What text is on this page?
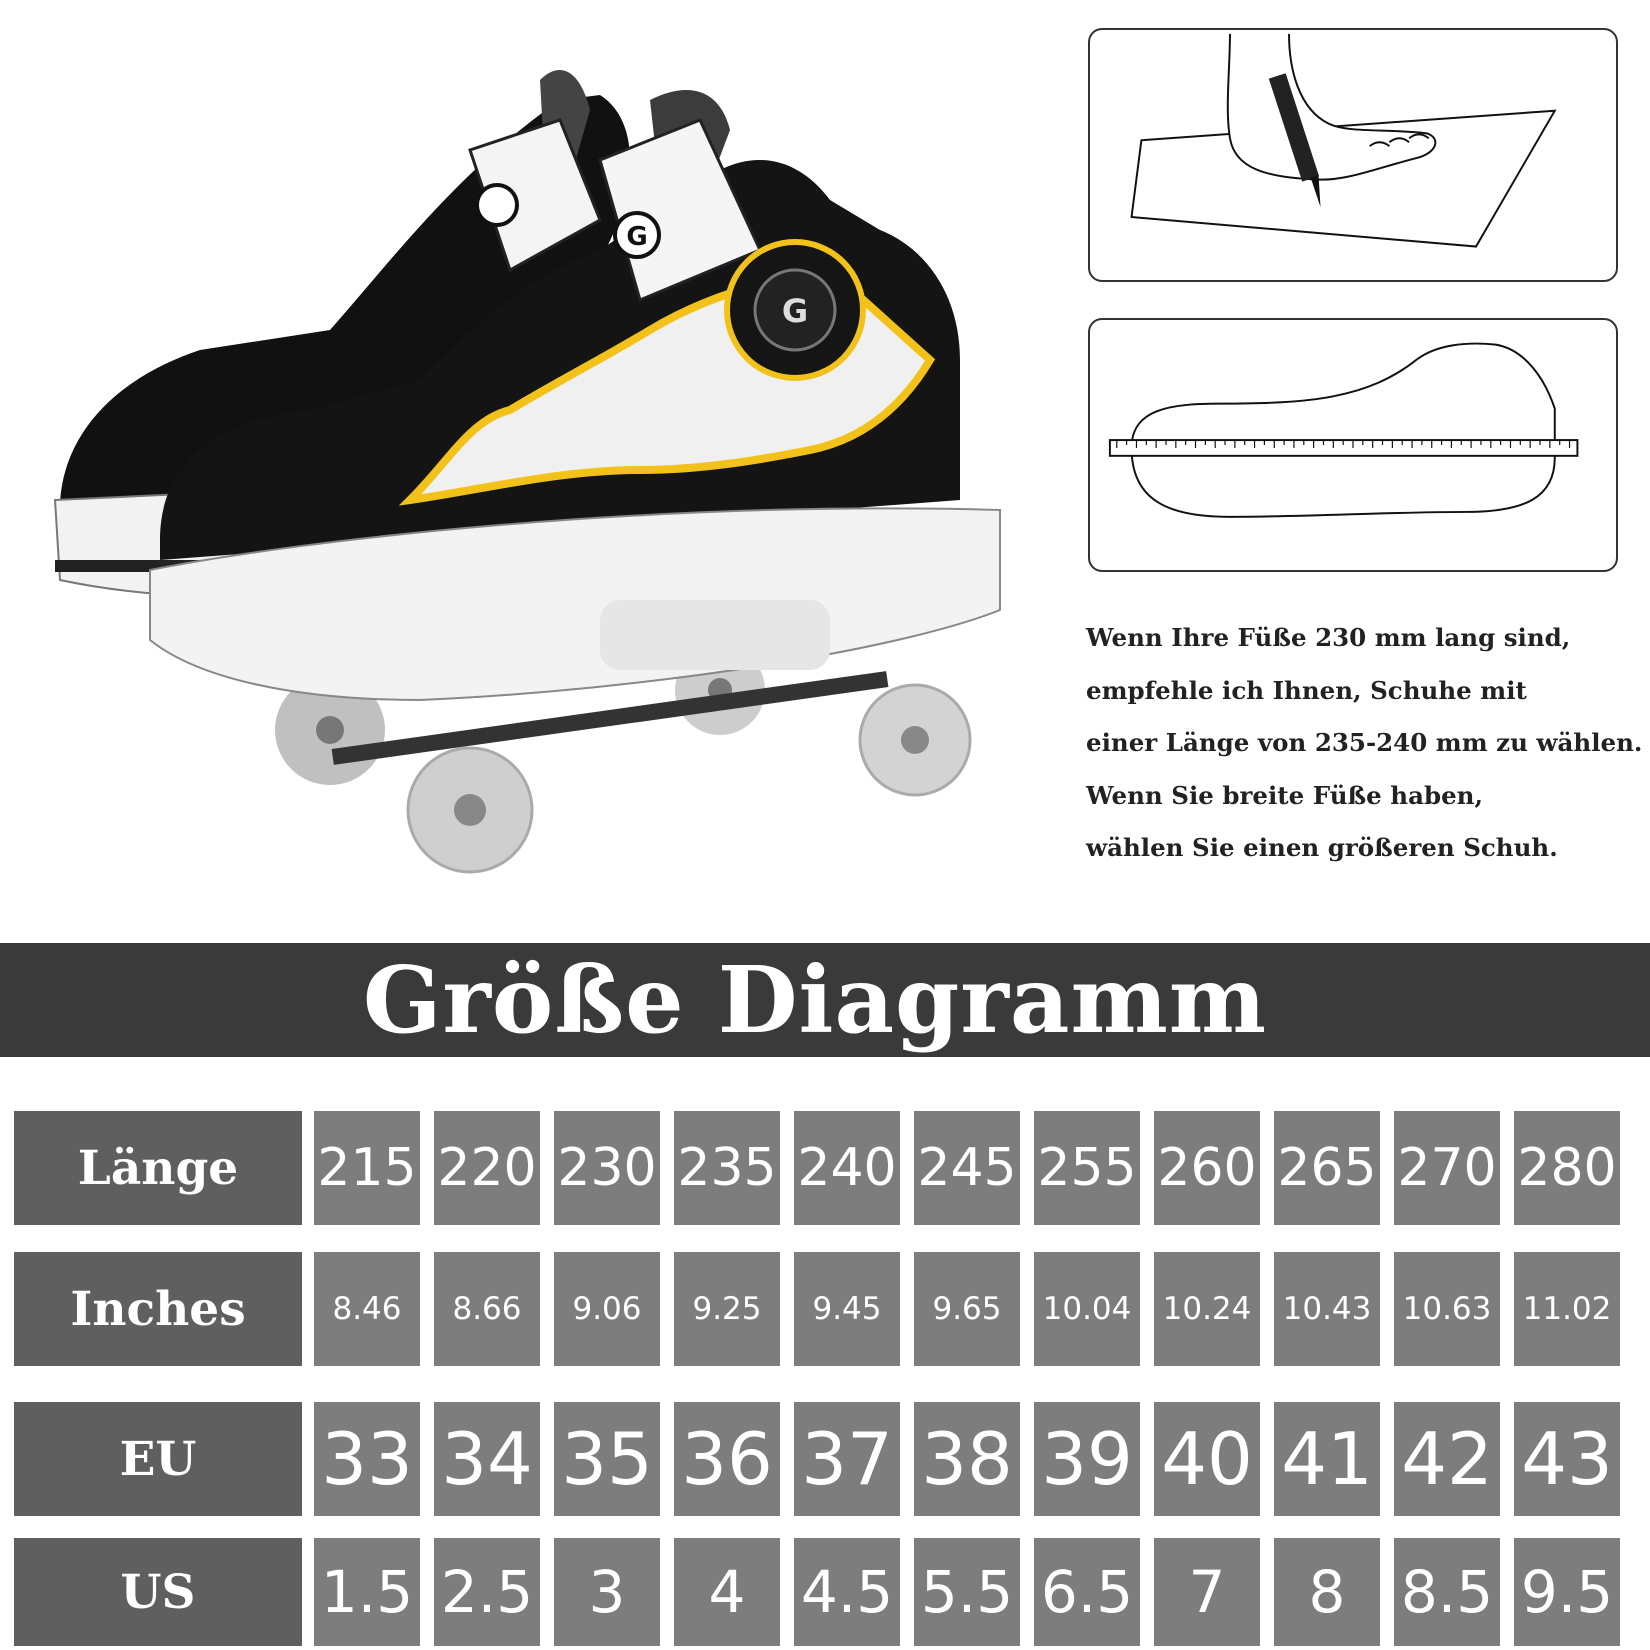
G
G
Wenn Ihre Füße 230 mm lang sind,
empfehle ich Ihnen, Schuhe mit
einer Länge von 235-240 mm zu wählen.
Wenn Sie breite Füße haben,
wählen Sie einen größeren Schuh.
Größe Diagramm
Länge	215 220 230 235 240 245 255 260 265 270 280
Inches	8.46	8.66	9.06	9.25	9.45	9.65	10.04 10.24 10.43 10.63 11.02
EU	33 34 35 36 37 38 39 40 41 42 43
US	1.5 2.5 3	4 4.5 5.5 6.5 7	8 8.5 9.5
